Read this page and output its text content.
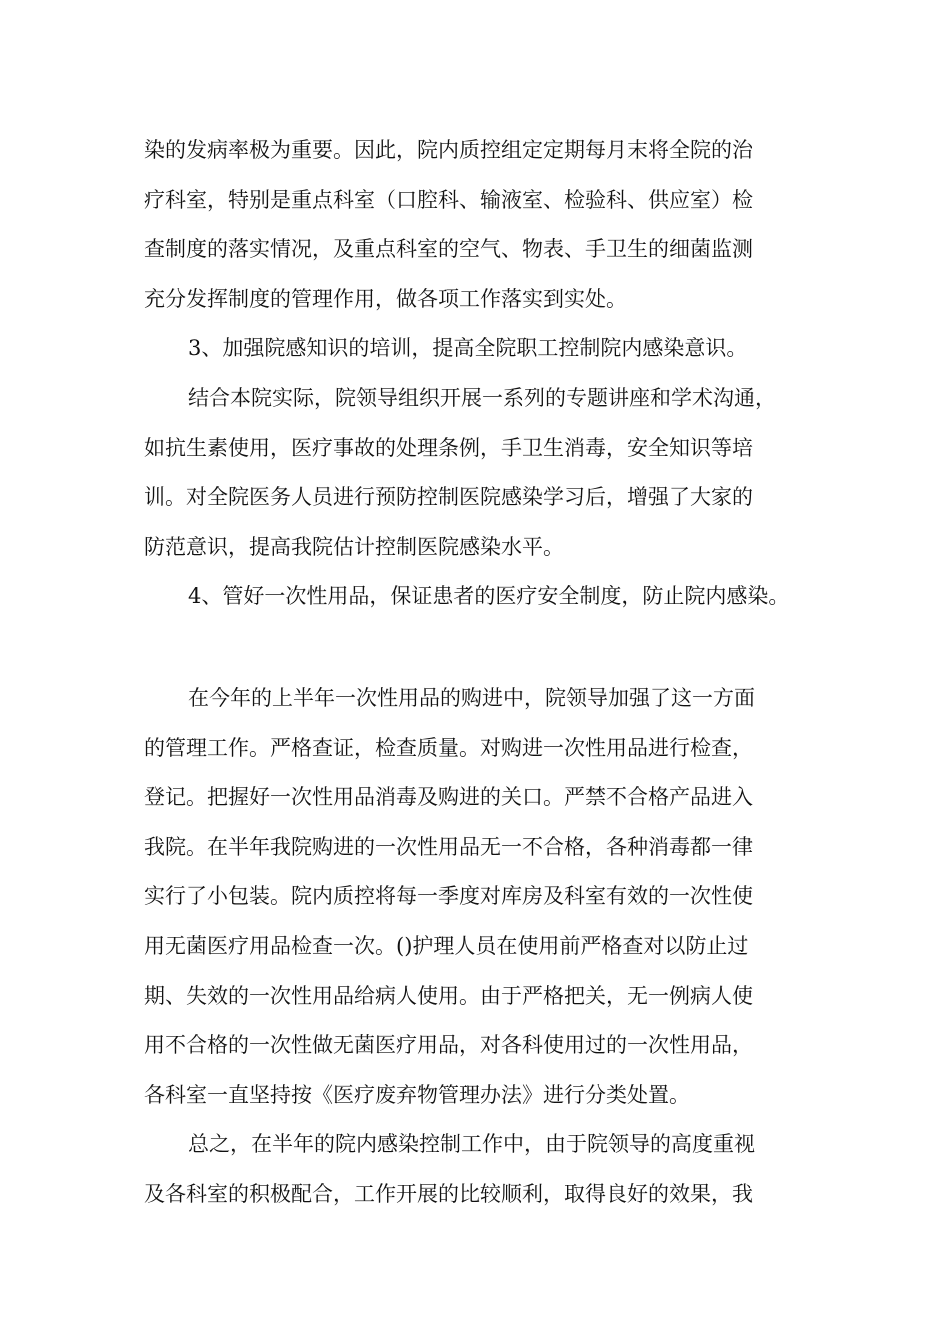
染的发病率极为重要。因此，院内质控组定定期每月末将全院的治
疗科室，特别是重点科室（口腔科、输液室、检验科、供应室）检
查制度的落实情况，及重点科室的空气、物表、手卫生的细菌监测
充分发挥制度的管理作用，做各项工作落实到实处。
3、加强院感知识的培训，提高全院职工控制院内感染意识。
结合本院实际，院领导组织开展一系列的专题讲座和学术沟通，
如抗生素使用，医疗事故的处理条例，手卫生消毒，安全知识等培
训。对全院医务人员进行预防控制医院感染学习后，增强了大家的
防范意识，提高我院估计控制医院感染水平。
4、管好一次性用品，保证患者的医疗安全制度，防止院内感染。
在今年的上半年一次性用品的购进中，院领导加强了这一方面
的管理工作。严格查证，检查质量。对购进一次性用品进行检查，
登记。把握好一次性用品消毒及购进的关口。严禁不合格产品进入
我院。在半年我院购进的一次性用品无一不合格，各种消毒都一律
实行了小包装。院内质控将每一季度对库房及科室有效的一次性使
用无菌医疗用品检查一次。()护理人员在使用前严格查对以防止过
期、失效的一次性用品给病人使用。由于严格把关，无一例病人使
用不合格的一次性做无菌医疗用品，对各科使用过的一次性用品，
各科室一直坚持按《医疗废弃物管理办法》进行分类处置。
总之，在半年的院内感染控制工作中，由于院领导的高度重视
及各科室的积极配合，工作开展的比较顺利，取得良好的效果，我
